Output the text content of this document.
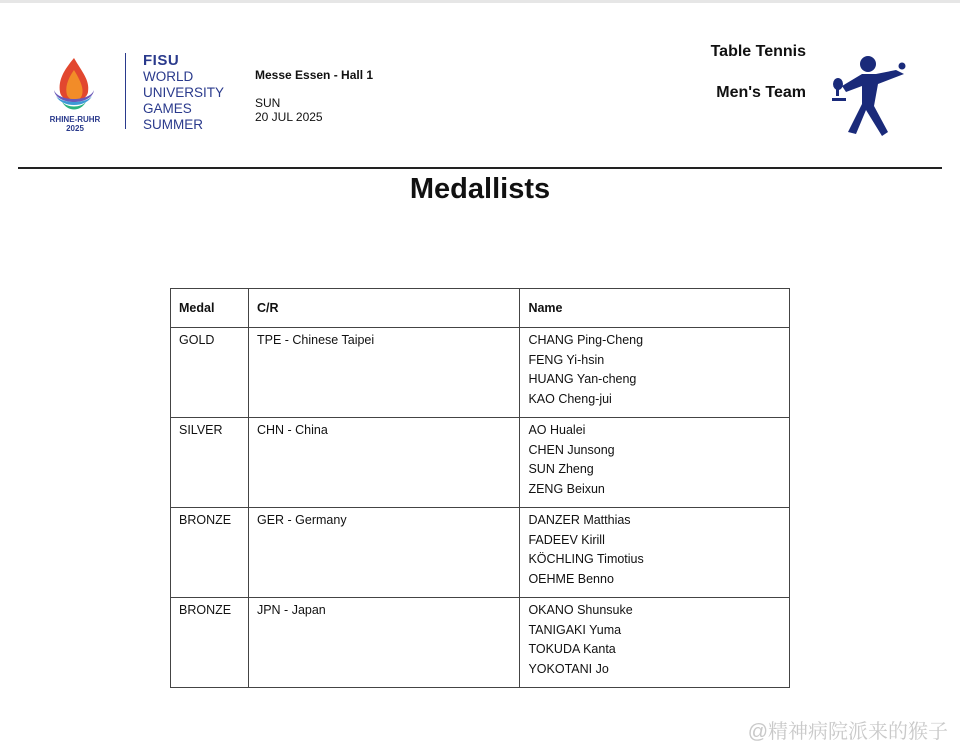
RHINE-RUHR
2025
FISU
WORLD
UNIVERSITY
GAMES
SUMMER
Messe Essen - Hall 1
SUN
20 JUL 2025
Table Tennis
Men's Team
Medallists
Medal	C/R	Name
GOLD	TPE - Chinese Taipei	CHANG Ping-Cheng
FENG Yi-hsin
HUANG Yan-cheng
KAO Cheng-jui

SILVER	CHN - China	AO Hualei
CHEN Junsong
SUN Zheng
ZENG Beixun

BRONZE	GER - Germany	DANZER Matthias
FADEEV Kirill
KÖCHLING Timotius
OEHME Benno

BRONZE	JPN - Japan	OKANO Shunsuke
TANIGAKI Yuma
TOKUDA Kanta
YOKOTANI Jo
@精神病院派来的猴子
